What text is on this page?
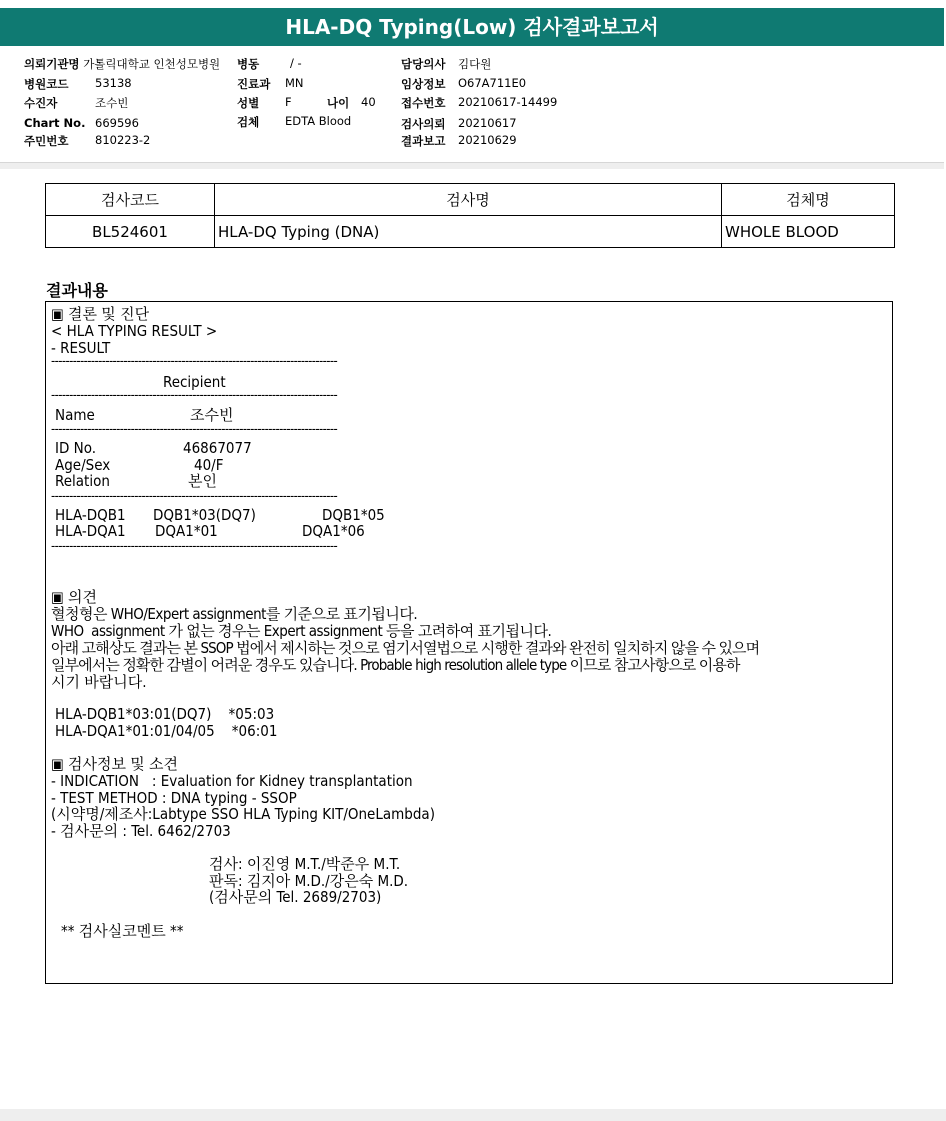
HLA-DQ Typing(Low) 검사결과보고서
의뢰기관명 가톨릭대학교 인천성모병원
병원코드 53138
수진자	조수빈
Chart No. 669596
주민번호 810223-2
병동	/ -
진료과 MN
성별 F	나이 40
검체 EDTA Blood
담당의사 김다원
임상정보 O67A711E0
접수번호 20210617-14499
검사의뢰 20210617
결과보고 20210629
검사코드	검사명	검체명
BL524601	HLA-DQ Typing (DNA)	WHOLE BLOOD
결과내용
▣ 결론 및 진단
< HLA TYPING RESULT >
- RESULT
-------------------------------------------------------------------------------
Recipient
-------------------------------------------------------------------------------
Name	조수빈
-------------------------------------------------------------------------------
ID No.	46867077
Age/Sex	40/F
Relation	본인
-------------------------------------------------------------------------------
HLA-DQB1 DQB1*03(DQ7)	DQB1*05
HLA-DQA1 DQA1*01	DQA1*06
-------------------------------------------------------------------------------
▣ 의견
혈청형은 WHO/Expert assignment를 기준으로 표기됩니다.
WHO  assignment 가 없는 경우는 Expert assignment 등을 고려하여 표기됩니다.
아래 고해상도 결과는 본 SSOP 법에서 제시하는 것으로 염기서열법으로 시행한 결과와 완전히 일치하지 않을 수 있으며
일부에서는 정확한 감별이 어려운 경우도 있습니다. Probable high resolution allele type 이므로 참고사항으로 이용하
시기 바랍니다.
HLA-DQB1*03:01(DQ7)    *05:03
HLA-DQA1*01:01/04/05    *06:01
▣ 검사정보 및 소견
- INDICATION   : Evaluation for Kidney transplantation
- TEST METHOD : DNA typing - SSOP
(시약명/제조사:Labtype SSO HLA Typing KIT/OneLambda)
- 검사문의 : Tel. 6462/2703
검사: 이진영 M.T./박준우 M.T.
판독: 김지아 M.D./강은숙 M.D.
(검사문의 Tel. 2689/2703)
** 검사실코멘트 **
